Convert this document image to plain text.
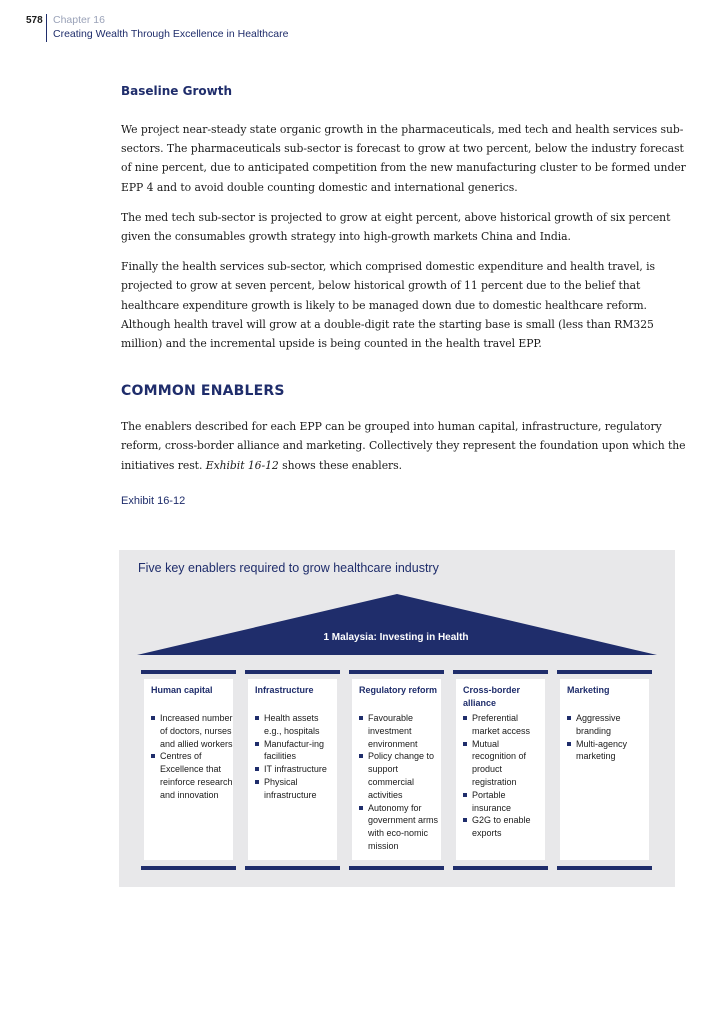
578 Chapter 16
Creating Wealth Through Excellence in Healthcare
Baseline Growth

We project near-steady state organic growth in the pharmaceuticals, med tech and health services sub-sectors. The pharmaceuticals sub-sector is forecast to grow at two percent, below the industry forecast of nine percent, due to anticipated competition from the new manufacturing cluster to be formed under EPP 4 and to avoid double counting domestic and international generics.

The med tech sub-sector is projected to grow at eight percent, above historical growth of six percent given the consumables growth strategy into high-growth markets China and India.

Finally the health services sub-sector, which comprised domestic expenditure and health travel, is projected to grow at seven percent, below historical growth of 11 percent due to the belief that healthcare expenditure growth is likely to be managed down due to domestic healthcare reform. Although health travel will grow at a double-digit rate the starting base is small (less than RM325 million) and the incremental upside is being counted in the health travel EPP.

COMMON ENABLERS

The enablers described for each EPP can be grouped into human capital, infrastructure, regulatory reform, cross-border alliance and marketing. Collectively they represent the foundation upon which the initiatives rest. Exhibit 16-12 shows these enablers.

Exhibit 16-12
Five key enablers required to grow healthcare industry
1 Malaysia: Investing in Health
Human capital
Increased number of doctors, nurses and allied workers
Centres of Excellence that reinforce research and innovation
Infrastructure
Health assets e.g., hospitals
Manufactur-ing facilities
IT infrastructure
Physical infrastructure
Regulatory reform
Favourable investment environment
Policy change to support commercial activities
Autonomy for government arms with eco-nomic mission
Cross-border alliance
Preferential market access
Mutual recognition of product registration
Portable insurance
G2G to enable exports
Marketing
Aggressive branding
Multi-agency marketing
